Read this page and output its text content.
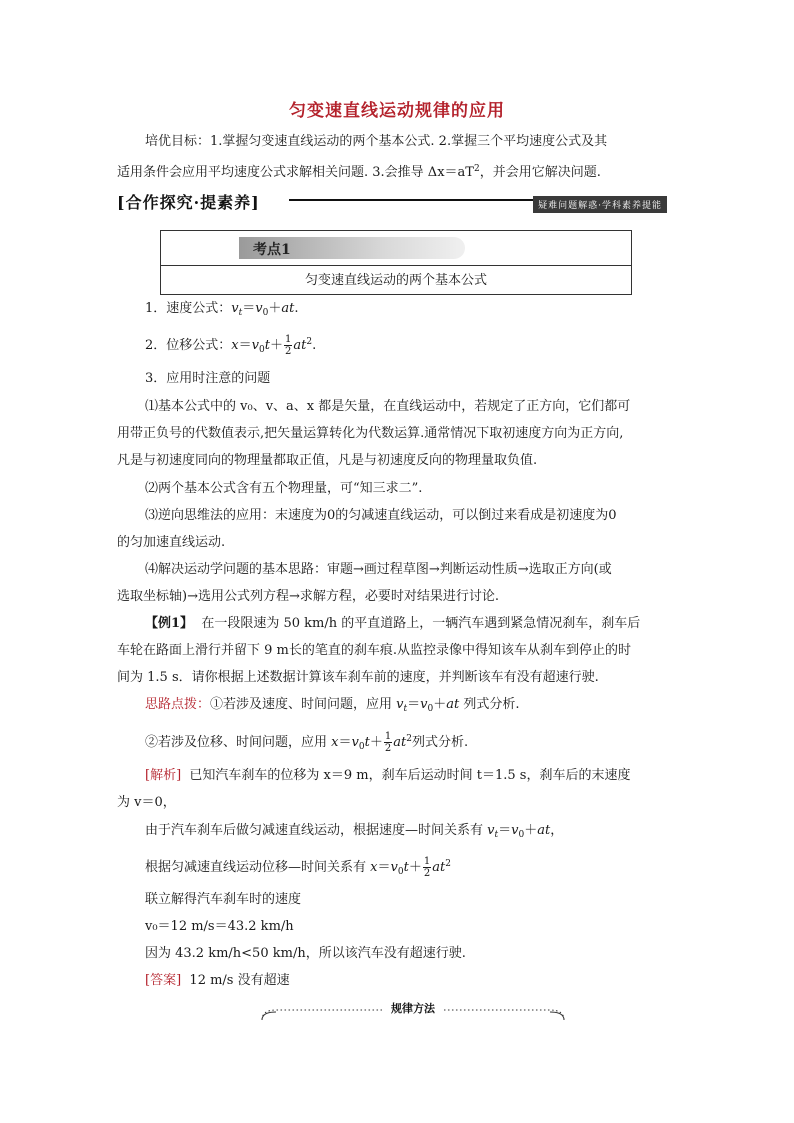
匀变速直线运动规律的应用
培优目标：1.掌握匀变速直线运动的两个基本公式. 2.掌握三个平均速度公式及其
适用条件会应用平均速度公式求解相关问题. 3.会推导 $\Delta x=aT^2$，并会用它解决问题.
[合作探究·提素养]	疑难问题解惑·学科素养提能
考点1
匀变速直线运动的两个基本公式
1．速度公式：$v_t=v_0+at$.
2．位移公式：$x=v_0t+ \frac{1}{2} at^2$.
3．应用时注意的问题
⑴基本公式中的 v₀、v、a、x 都是矢量，在直线运动中，若规定了正方向，它们都可
用带正负号的代数值表示,把矢量运算转化为代数运算.通常情况下取初速度方向为正方向,
凡是与初速度同向的物理量都取正值，凡是与初速度反向的物理量取负值.
⑵两个基本公式含有五个物理量，可“知三求二”.
⑶逆向思维法的应用：末速度为0的匀减速直线运动，可以倒过来看成是初速度为0
的匀加速直线运动.
⑷解决运动学问题的基本思路：审题→画过程草图→判断运动性质→选取正方向(或
选取坐标轴)→选用公式列方程→求解方程，必要时对结果进行讨论.
【例1】 在一段限速为 50 km/h 的平直道路上，一辆汽车遇到紧急情况刹车，刹车后
车轮在路面上滑行并留下 9 m长的笔直的刹车痕.从监控录像中得知该车从刹车到停止的时
间为 1.5 s．请你根据上述数据计算该车刹车前的速度，并判断该车有没有超速行驶.
思路点拨：①若涉及速度、时间问题，应用 $v_t=v_0+at$ 列式分析.
②若涉及位移、时间问题，应用 $x=v_0t+ \frac{1}{2} at^2$列式分析.
[解析] 已知汽车刹车的位移为 x＝9 m，刹车后运动时间 t＝1.5 s，刹车后的末速度
为 v＝0，
由于汽车刹车后做匀减速直线运动，根据速度—时间关系有 $v_t=v_0+at$，
根据匀减速直线运动位移—时间关系有 $x=v_0t+ \frac{1}{2} at^2$
联立解得汽车刹车时的速度
v₀＝12 m/s＝43.2 km/h
因为 43.2 km/h<50 km/h，所以该汽车没有超速行驶.
[答案] 12 m/s 没有超速
规律方法
